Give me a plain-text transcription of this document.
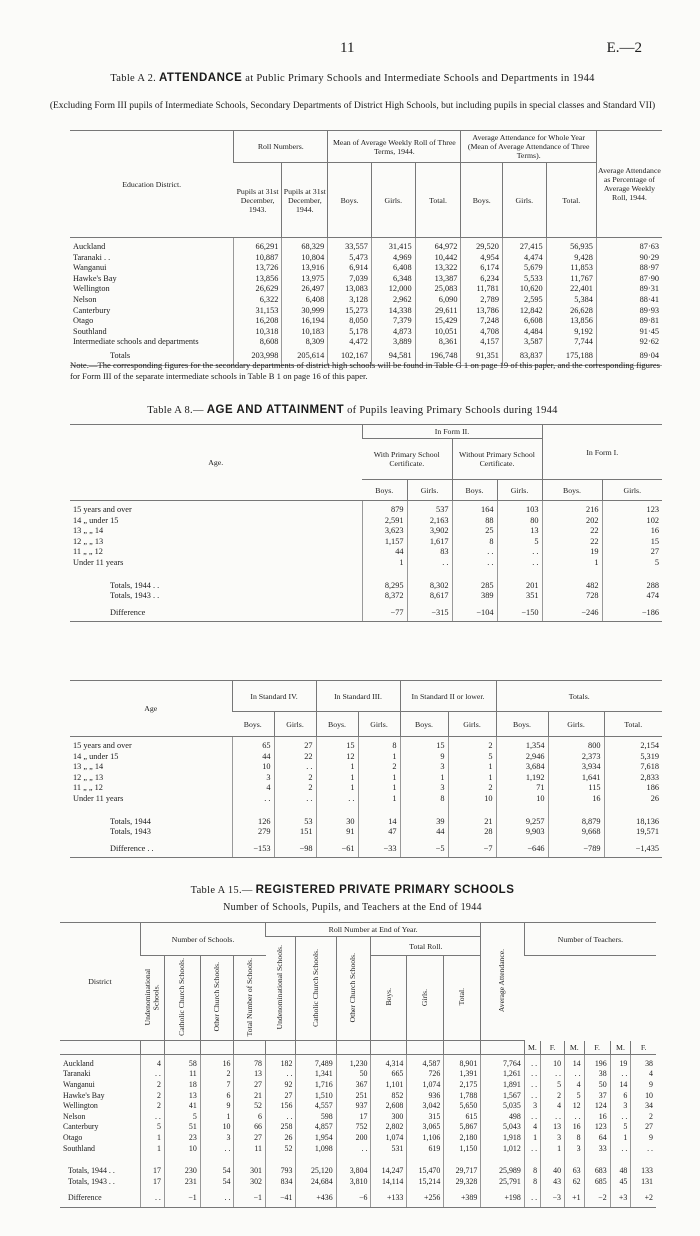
11	E.—2
Table A 2. ATTENDANCE at Public Primary Schools and Intermediate Schools and Departments in 1944
(Excluding Form III pupils of Intermediate Schools, Secondary Departments of District High Schools, but including pupils in special classes and Standard VII)
Education District.	Roll Numbers.		Mean of Average Weekly Roll of Three Terms, 1944.			Average Attendance for Whole Year (Mean of Average Attendance of Three Terms).			Average Attendance as Percentage of Average Weekly Roll, 1944.
	Pupils at 31st December, 1943.	Pupils at 31st December, 1944.	Boys.	Girls.	Total.	Boys.	Girls.	Total.	
Auckland	66,291	68,329	33,557	31,415	64,972	29,520	27,415	56,935	87·63
Taranaki . .	10,887	10,804	5,473	4,969	10,442	4,954	4,474	9,428	90·29
Wanganui	13,726	13,916	6,914	6,408	13,322	6,174	5,679	11,853	88·97
Hawke's Bay	13,856	13,975	7,039	6,348	13,387	6,234	5,533	11,767	87·90
Wellington	26,629	26,497	13,083	12,000	25,083	11,781	10,620	22,401	89·31
Nelson	6,322	6,408	3,128	2,962	6,090	2,789	2,595	5,384	88·41
Canterbury	31,153	30,999	15,273	14,338	29,611	13,786	12,842	26,628	89·93
Otago	16,208	16,194	8,050	7,379	15,429	7,248	6,608	13,856	89·81
Southland	10,318	10,183	5,178	4,873	10,051	4,708	4,484	9,192	91·45
Intermediate schools and departments	8,608	8,309	4,472	3,889	8,361	4,157	3,587	7,744	92·62
Totals	203,998	205,614	102,167	94,581	196,748	91,351	83,837	175,188	89·04
Note.—The corresponding figures for the secondary departments of district high schools will be found in Table G 1 on page 19 of this paper, and the corresponding figures for Form III of the separate intermediate schools in Table B 1 on page 16 of this paper.
Table A 8.— AGE AND ATTAINMENT of Pupils leaving Primary Schools during 1944
Age.	In Form II.				In Form I.	
	With Primary School Certificate.		Without Primary School Certificate.			
	Boys.	Girls.	Boys.	Girls.	Boys.	Girls.
15 years and over	879	537	164	103	216	123
14 „ under 15	2,591	2,163	88	80	202	102
13 „ „ 14	3,623	3,902	25	13	22	16
12 „ „ 13	1,157	1,617	8	5	22	15
11 „ „ 12	44	83	. .	. .	19	27
Under 11 years	1	. .	. .	. .	1	5

Totals, 1944 . .	8,295	8,302	285	201	482	288
Totals, 1943 . .	8,372	8,617	389	351	728	474
Difference	−77	−315	−104	−150	−246	−186
Age	In Standard IV.		In Standard III.		In Standard II or lower.		Totals.		
	Boys.	Girls.	Boys.	Girls.	Boys.	Girls.	Boys.	Girls.	Total.
15 years and over	65	27	15	8	15	2	1,354	800	2,154
14 „ under 15	44	22	12	1	9	5	2,946	2,373	5,319
13 „ „ 14	10	. .	1	2	3	1	3,684	3,934	7,618
12 „ „ 13	3	2	1	1	1	1	1,192	1,641	2,833
11 „ „ 12	4	2	1	1	3	2	71	115	186
Under 11 years	. .	. .	. .	1	8	10	10	16	26

Totals, 1944	126	53	30	14	39	21	9,257	8,879	18,136
Totals, 1943	279	151	91	47	44	28	9,903	9,668	19,571
Difference . .	−153	−98	−61	−33	−5	−7	−646	−789	−1,435
Table A 15.— REGISTERED PRIVATE PRIMARY SCHOOLS
Number of Schools, Pupils, and Teachers at the End of 1944
District	Number of Schools.				Roll Number at End of Year.						Average Attendance.	Number of Teachers.					
					Undenominational Schools.	Catholic Church Schools.	Other Church Schools.	Total Roll.									
	Undenominational Schools.	Catholic Church Schools.	Other Church Schools.	Total Number of Schools.				Boys.	Girls.	Total.							
												M.	F.	M.	F.	M.	F.
Auckland	4	58	16	78	182	7,489	1,230	4,314	4,587	8,901	7,764	. .	10	14	196	19	38
Taranaki	. .	11	2	13	. .	1,341	50	665	726	1,391	1,261	. .	. .	. .	38	. .	4
Wanganui	2	18	7	27	92	1,716	367	1,101	1,074	2,175	1,891	. .	5	4	50	14	9
Hawke's Bay	2	13	6	21	27	1,510	251	852	936	1,788	1,567	. .	2	5	37	6	10
Wellington	2	41	9	52	156	4,557	937	2,608	3,042	5,650	5,035	3	4	12	124	3	34
Nelson	. .	5	1	6	. .	598	17	300	315	615	498	. .	. .	. .	16	. .	2
Canterbury	5	51	10	66	258	4,857	752	2,802	3,065	5,867	5,043	4	13	16	123	5	27
Otago	1	23	3	27	26	1,954	200	1,074	1,106	2,180	1,918	1	3	8	64	1	9
Southland	1	10	. .	11	52	1,098	. .	531	619	1,150	1,012	. .	1	3	33	. .	. .
Totals, 1944 . .	17	230	54	301	793	25,120	3,804	14,247	15,470	29,717	25,989	8	40	63	683	48	133
Totals, 1943 . .	17	231	54	302	834	24,684	3,810	14,114	15,214	29,328	25,791	8	43	62	685	45	131
Difference	. .	−1	. .	−1	−41	+436	−6	+133	+256	+389	+198	. .	−3	+1	−2	+3	+2
